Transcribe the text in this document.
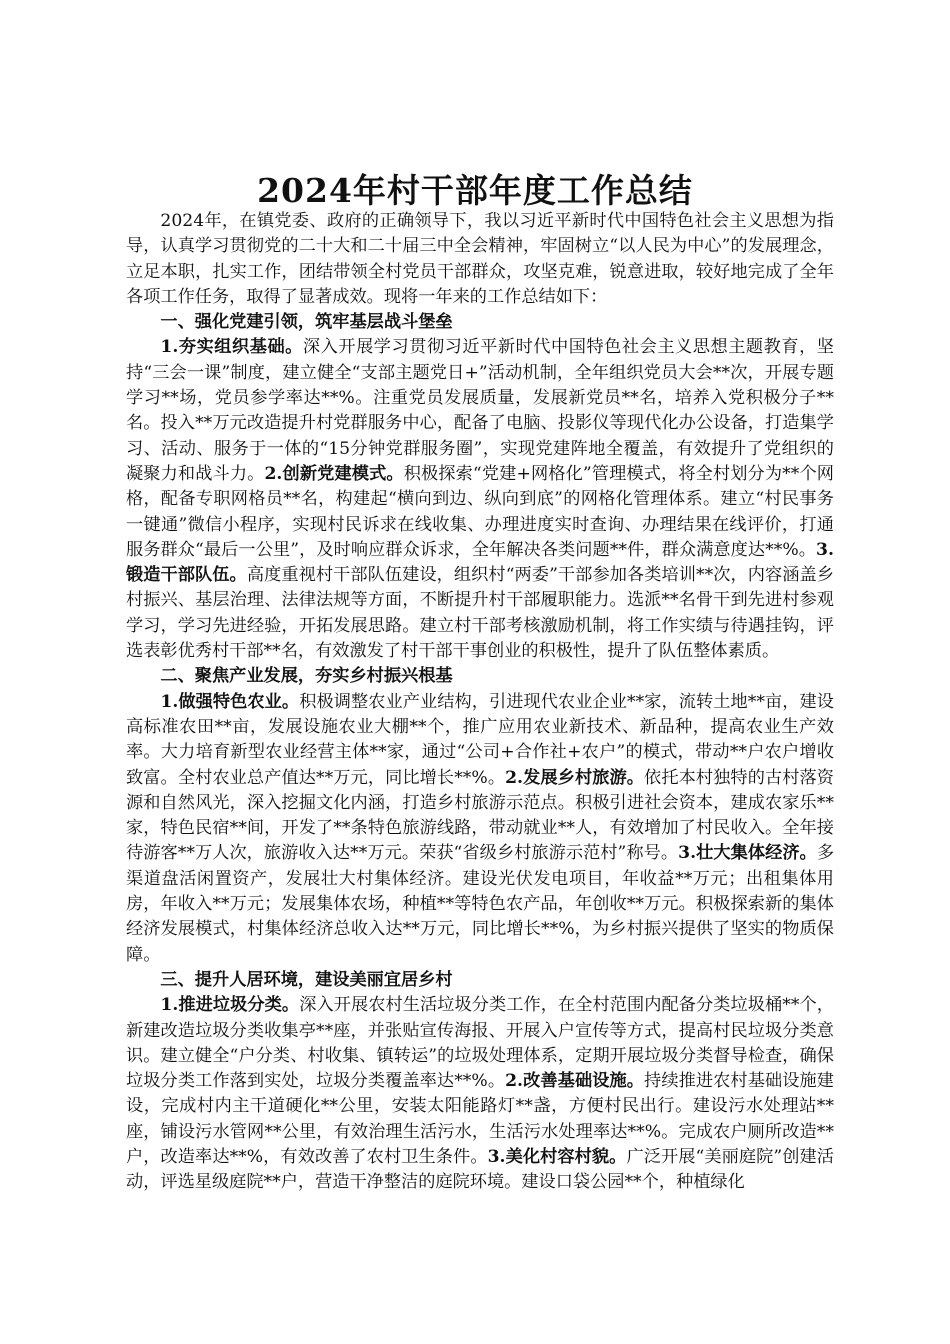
2024年村干部年度工作总结

2024年，在镇党委、政府的正确领导下，我以习近平新时代中国特色社会主义思想为指导，认真学习贯彻党的二十大和二十届三中全会精神，牢固树立“以人民为中心”的发展理念，立足本职，扎实工作，团结带领全村党员干部群众，攻坚克难，锐意进取，较好地完成了全年各项工作任务，取得了显著成效。现将一年来的工作总结如下：

一、强化党建引领，筑牢基层战斗堡垒

1.夯实组织基础。深入开展学习贯彻习近平新时代中国特色社会主义思想主题教育，坚持“三会一课”制度，建立健全“支部主题党日+”活动机制，全年组织党员大会**次，开展专题学习**场，党员参学率达**%。注重党员发展质量，发展新党员**名，培养入党积极分子**名。投入**万元改造提升村党群服务中心，配备了电脑、投影仪等现代化办公设备，打造集学习、活动、服务于一体的“15分钟党群服务圈”，实现党建阵地全覆盖，有效提升了党组织的凝聚力和战斗力。2.创新党建模式。积极探索“党建+网格化”管理模式，将全村划分为**个网格，配备专职网格员**名，构建起“横向到边、纵向到底”的网格化管理体系。建立“村民事务一键通”微信小程序，实现村民诉求在线收集、办理进度实时查询、办理结果在线评价，打通服务群众“最后一公里”，及时响应群众诉求，全年解决各类问题**件，群众满意度达**%。3.锻造干部队伍。高度重视村干部队伍建设，组织村“两委”干部参加各类培训**次，内容涵盖乡村振兴、基层治理、法律法规等方面，不断提升村干部履职能力。选派**名骨干到先进村参观学习，学习先进经验，开拓发展思路。建立村干部考核激励机制，将工作实绩与待遇挂钩，评选表彰优秀村干部**名，有效激发了村干部干事创业的积极性，提升了队伍整体素质。

二、聚焦产业发展，夯实乡村振兴根基

1.做强特色农业。积极调整农业产业结构，引进现代农业企业**家，流转土地**亩，建设高标准农田**亩，发展设施农业大棚**个，推广应用农业新技术、新品种，提高农业生产效率。大力培育新型农业经营主体**家，通过“公司+合作社+农户”的模式，带动**户农户增收致富。全村农业总产值达**万元，同比增长**%。2.发展乡村旅游。依托本村独特的古村落资源和自然风光，深入挖掘文化内涵，打造乡村旅游示范点。积极引进社会资本，建成农家乐**家，特色民宿**间，开发了**条特色旅游线路，带动就业**人，有效增加了村民收入。全年接待游客**万人次，旅游收入达**万元。荣获“省级乡村旅游示范村”称号。3.壮大集体经济。多渠道盘活闲置资产，发展壮大村集体经济。建设光伏发电项目，年收益**万元；出租集体用房，年收入**万元；发展集体农场，种植**等特色农产品，年创收**万元。积极探索新的集体经济发展模式，村集体经济总收入达**万元，同比增长**%，为乡村振兴提供了坚实的物质保障。

三、提升人居环境，建设美丽宜居乡村

1.推进垃圾分类。深入开展农村生活垃圾分类工作，在全村范围内配备分类垃圾桶**个，新建改造垃圾分类收集亭**座，并张贴宣传海报、开展入户宣传等方式，提高村民垃圾分类意识。建立健全“户分类、村收集、镇转运”的垃圾处理体系，定期开展垃圾分类督导检查，确保垃圾分类工作落到实处，垃圾分类覆盖率达**%。2.改善基础设施。持续推进农村基础设施建设，完成村内主干道硬化**公里，安装太阳能路灯**盏，方便村民出行。建设污水处理站**座，铺设污水管网**公里，有效治理生活污水，生活污水处理率达**%。完成农户厕所改造**户，改造率达**%，有效改善了农村卫生条件。3.美化村容村貌。广泛开展“美丽庭院”创建活动，评选星级庭院**户，营造干净整洁的庭院环境。建设口袋公园**个，种植绿化
